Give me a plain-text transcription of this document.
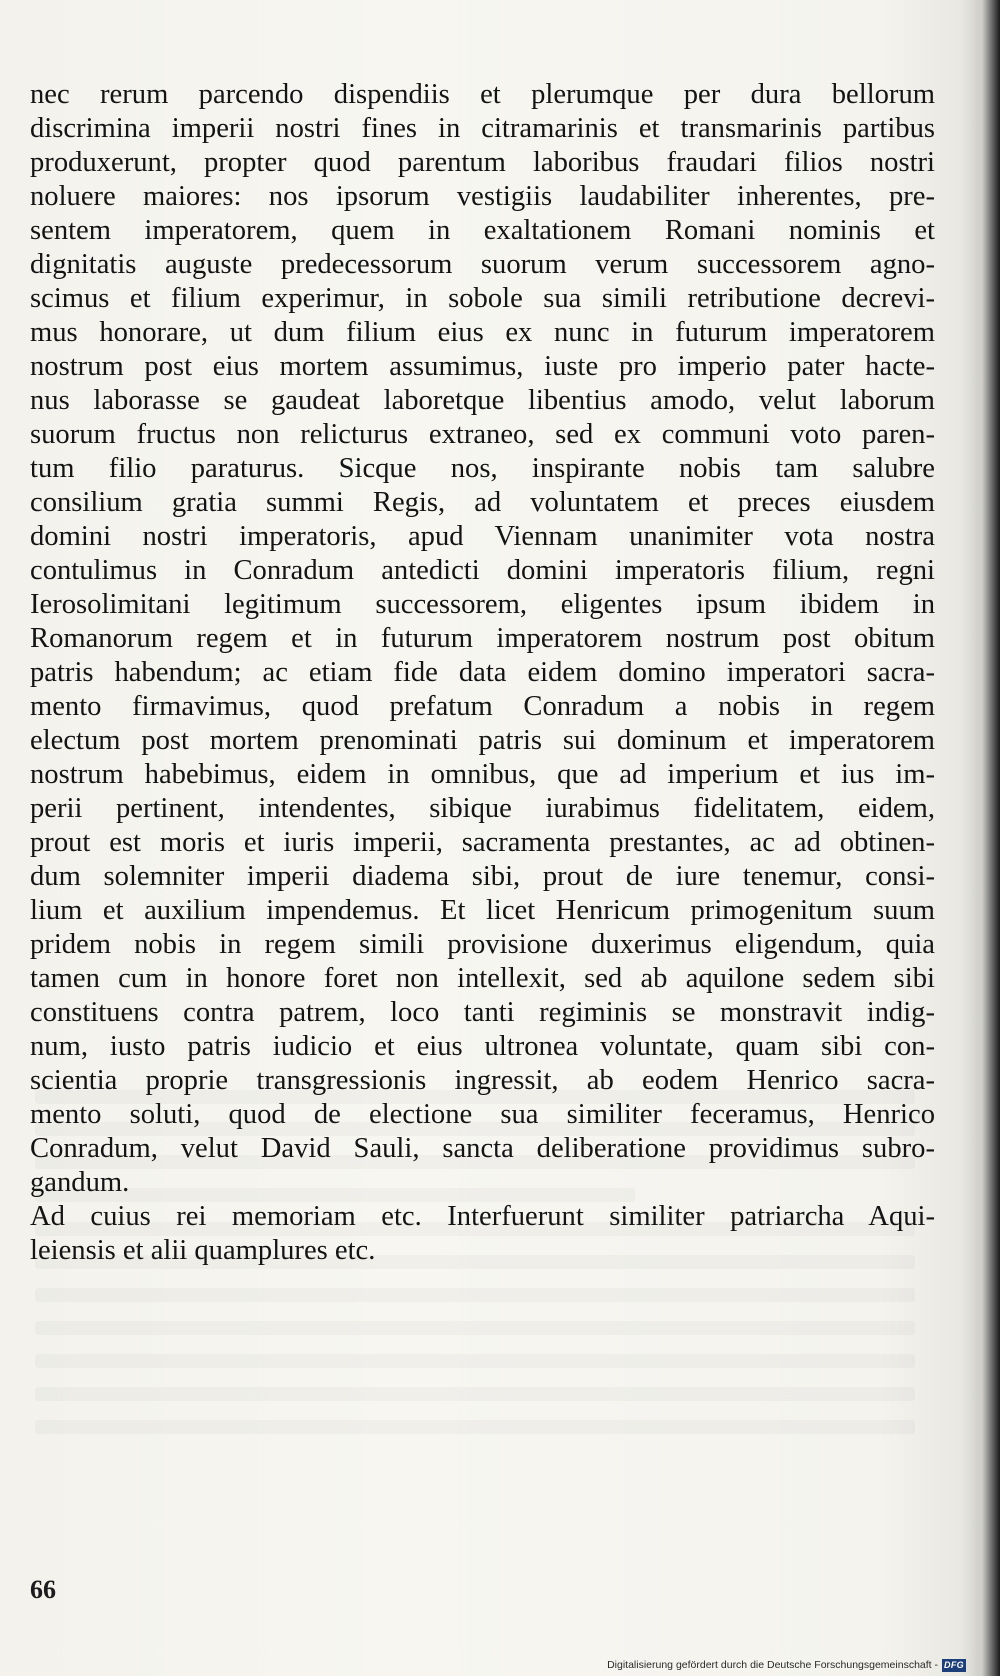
nec rerum parcendo dispendiis et plerumque per dura bellorum
discrimina imperii nostri fines in citramarinis et transmarinis partibus
produxerunt, propter quod parentum laboribus fraudari filios nostri
noluere maiores: nos ipsorum vestigiis laudabiliter inherentes, pre-
sentem imperatorem, quem in exaltationem Romani nominis et
dignitatis auguste predecessorum suorum verum successorem agno-
scimus et filium experimur, in sobole sua simili retributione decrevi-
mus honorare, ut dum filium eius ex nunc in futurum imperatorem
nostrum post eius mortem assumimus, iuste pro imperio pater hacte-
nus laborasse se gaudeat laboretque libentius amodo, velut laborum
suorum fructus non relicturus extraneo, sed ex communi voto paren-
tum filio paraturus. Sicque nos, inspirante nobis tam salubre
consilium gratia summi Regis, ad voluntatem et preces eiusdem
domini nostri imperatoris, apud Viennam unanimiter vota nostra
contulimus in Conradum antedicti domini imperatoris filium, regni
Ierosolimitani legitimum successorem, eligentes ipsum ibidem in
Romanorum regem et in futurum imperatorem nostrum post obitum
patris habendum; ac etiam fide data eidem domino imperatori sacra-
mento firmavimus, quod prefatum Conradum a nobis in regem
electum post mortem prenominati patris sui dominum et imperatorem
nostrum habebimus, eidem in omnibus, que ad imperium et ius im-
perii pertinent, intendentes, sibique iurabimus fidelitatem, eidem,
prout est moris et iuris imperii, sacramenta prestantes, ac ad obtinen-
dum solemniter imperii diadema sibi, prout de iure tenemur, consi-
lium et auxilium impendemus. Et licet Henricum primogenitum suum
pridem nobis in regem simili provisione duxerimus eligendum, quia
tamen cum in honore foret non intellexit, sed ab aquilone sedem sibi
constituens contra patrem, loco tanti regiminis se monstravit indig-
num, iusto patris iudicio et eius ultronea voluntate, quam sibi con-
scientia proprie transgressionis ingressit, ab eodem Henrico sacra-
mento soluti, quod de electione sua similiter feceramus, Henrico
Conradum, velut David Sauli, sancta deliberatione providimus subro-
gandum.
Ad cuius rei memoriam etc. Interfuerunt similiter patriarcha Aqui-
leiensis et alii quamplures etc.
66
Digitalisierung gefördert durch die Deutsche Forschungsgemeinschaft - DFG
